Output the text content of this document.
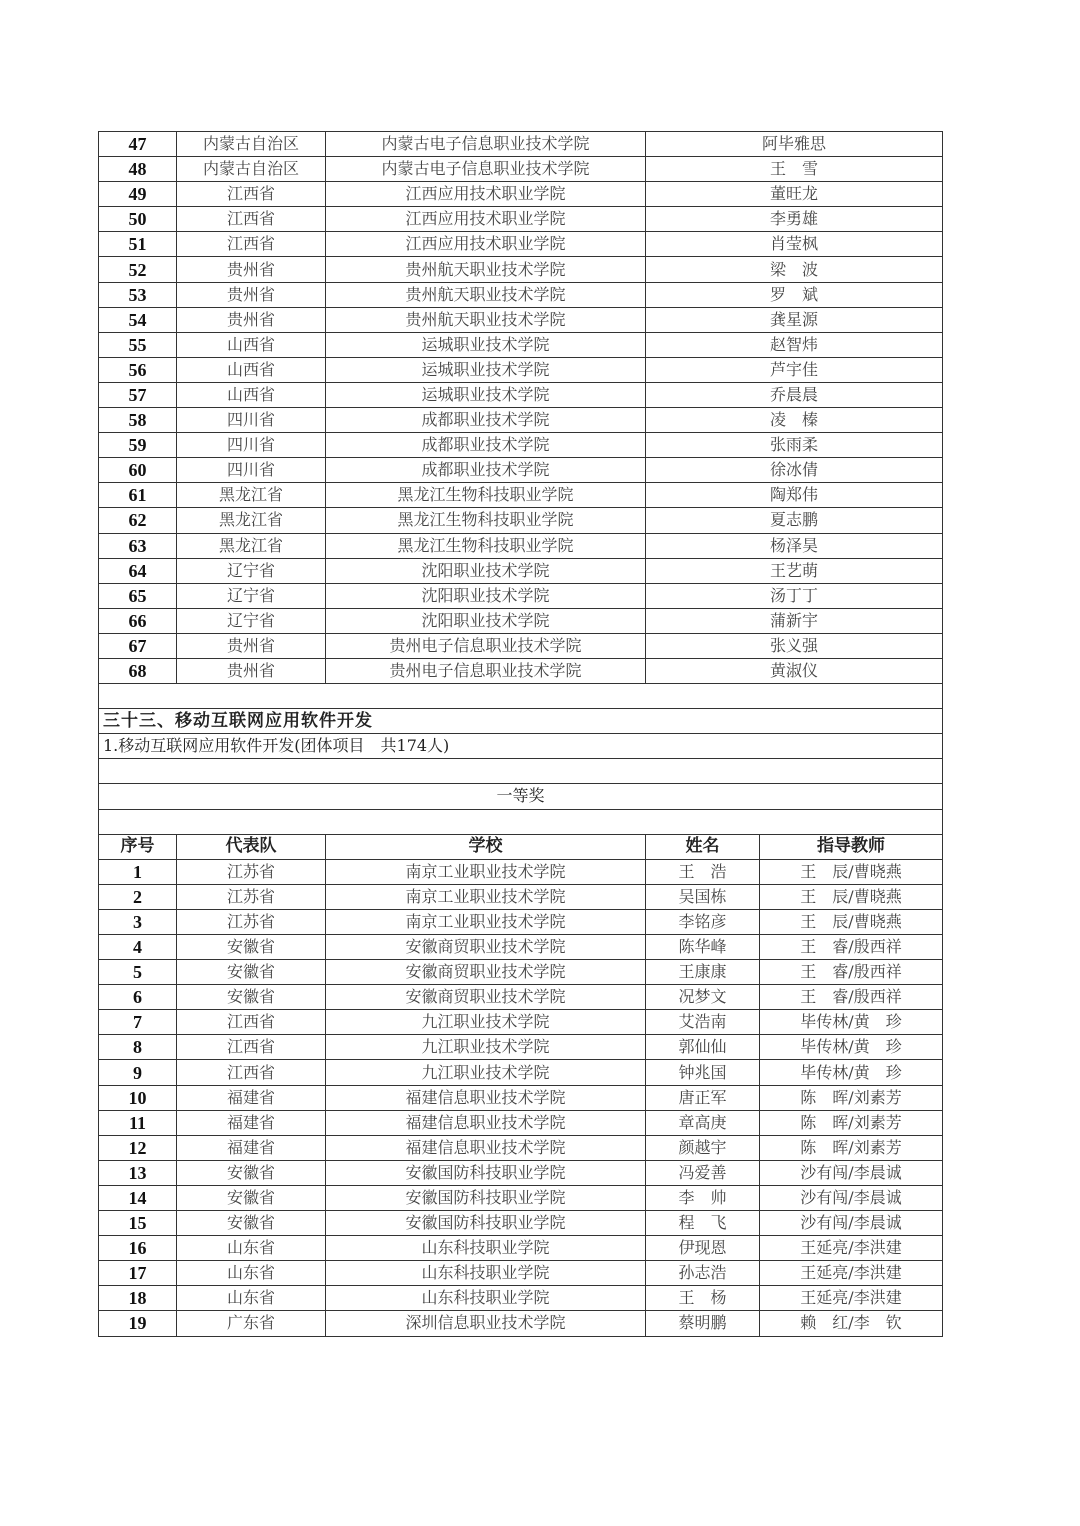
47	内蒙古自治区	内蒙古电子信息职业技术学院	阿毕雅思	
48	内蒙古自治区	内蒙古电子信息职业技术学院	王　雪	
49	江西省	江西应用技术职业学院	董旺龙	
50	江西省	江西应用技术职业学院	李勇雄	
51	江西省	江西应用技术职业学院	肖莹枫	
52	贵州省	贵州航天职业技术学院	梁　波	
53	贵州省	贵州航天职业技术学院	罗　斌	
54	贵州省	贵州航天职业技术学院	龚星源	
55	山西省	运城职业技术学院	赵智炜	
56	山西省	运城职业技术学院	芦宇佳	
57	山西省	运城职业技术学院	乔晨晨	
58	四川省	成都职业技术学院	凌　榛	
59	四川省	成都职业技术学院	张雨柔	
60	四川省	成都职业技术学院	徐冰倩	
61	黑龙江省	黑龙江生物科技职业学院	陶郑伟	
62	黑龙江省	黑龙江生物科技职业学院	夏志鹏	
63	黑龙江省	黑龙江生物科技职业学院	杨泽昊	
64	辽宁省	沈阳职业技术学院	王艺萌	
65	辽宁省	沈阳职业技术学院	汤丁丁	
66	辽宁省	沈阳职业技术学院	蒲新宇	
67	贵州省	贵州电子信息职业技术学院	张义强	
68	贵州省	贵州电子信息职业技术学院	黄淑仪	

三十三、移动互联网应用软件开发				
1.移动互联网应用软件开发(团体项目　共174人)				

一等奖				

序号	代表队	学校	姓名	指导教师
1	江苏省	南京工业职业技术学院	王　浩	王　辰/曹晓燕
2	江苏省	南京工业职业技术学院	吴国栋	王　辰/曹晓燕
3	江苏省	南京工业职业技术学院	李铭彦	王　辰/曹晓燕
4	安徽省	安徽商贸职业技术学院	陈华峰	王　睿/殷西祥
5	安徽省	安徽商贸职业技术学院	王康康	王　睿/殷西祥
6	安徽省	安徽商贸职业技术学院	况梦文	王　睿/殷西祥
7	江西省	九江职业技术学院	艾浩南	毕传林/黄　珍
8	江西省	九江职业技术学院	郭仙仙	毕传林/黄　珍
9	江西省	九江职业技术学院	钟兆国	毕传林/黄　珍
10	福建省	福建信息职业技术学院	唐正军	陈　晖/刘素芳
11	福建省	福建信息职业技术学院	章高庚	陈　晖/刘素芳
12	福建省	福建信息职业技术学院	颜越宇	陈　晖/刘素芳
13	安徽省	安徽国防科技职业学院	冯爱善	沙有闯/李晨诚
14	安徽省	安徽国防科技职业学院	李　帅	沙有闯/李晨诚
15	安徽省	安徽国防科技职业学院	程　飞	沙有闯/李晨诚
16	山东省	山东科技职业学院	伊现恩	王延亮/李洪建
17	山东省	山东科技职业学院	孙志浩	王延亮/李洪建
18	山东省	山东科技职业学院	王　杨	王延亮/李洪建
19	广东省	深圳信息职业技术学院	蔡明鹏	赖　红/李　钦
